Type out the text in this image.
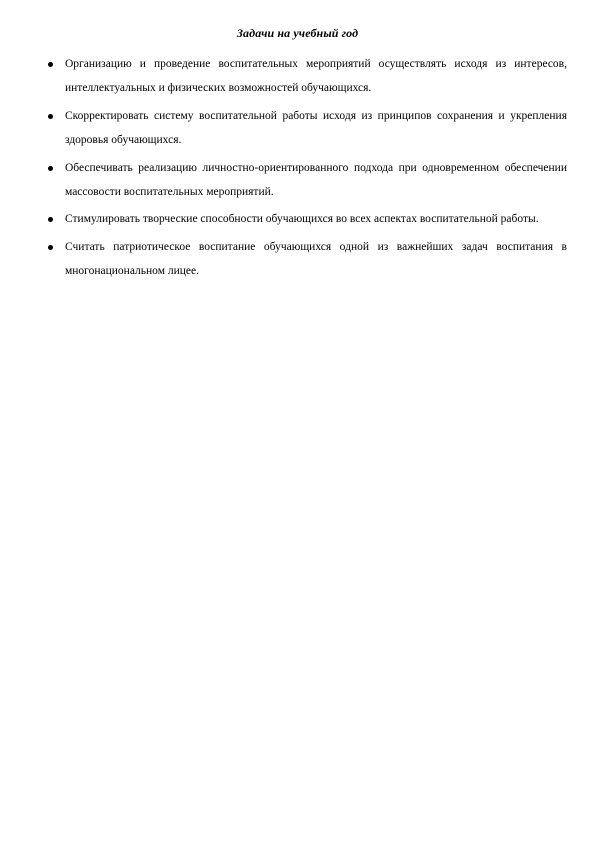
Задачи на учебный год
Организацию и проведение воспитательных мероприятий осуществлять исходя из интересов, интеллектуальных и физических возможностей обучающихся.
Скорректировать систему воспитательной работы исходя из принципов сохранения и укрепления здоровья обучающихся.
Обеспечивать реализацию личностно-ориентированного подхода при одновременном обеспечении массовости воспитательных мероприятий.
Стимулировать творческие способности обучающихся во всех аспектах воспитательной работы.
Считать патриотическое воспитание обучающихся одной из важнейших задач воспитания в многонациональном лицее.
